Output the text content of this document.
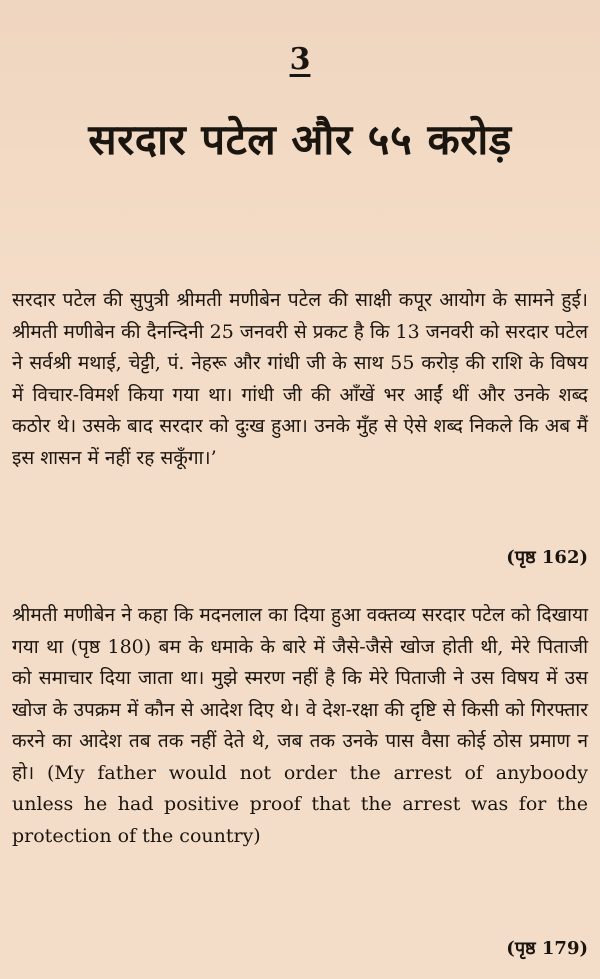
3
सरदार पटेल और ५५ करोड़

सरदार पटेल की सुपुत्री श्रीमती मणीबेन पटेल की साक्षी कपूर आयोग के सामने हुई। श्रीमती मणीबेन की दैनन्दिनी 25 जनवरी से प्रकट है कि 13 जनवरी को सरदार पटेल ने सर्वश्री मथाई, चेट्टी, पं. नेहरू और गांधी जी के साथ 55 करोड़ की राशि के विषय में विचार-विमर्श किया गया था। गांधी जी की आँखें भर आईं थीं और उनके शब्द कठोर थे। उसके बाद सरदार को दुःख हुआ। उनके मुँह से ऐसे शब्द निकले कि अब मैं इस शासन में नहीं रह सकूँगा।’

(पृष्ठ 162)

श्रीमती मणीबेन ने कहा कि मदनलाल का दिया हुआ वक्तव्य सरदार पटेल को दिखाया गया था (पृष्ठ 180) बम के धमाके के बारे में जैसे-जैसे खोज होती थी, मेरे पिताजी को समाचार दिया जाता था। मुझे स्मरण नहीं है कि मेरे पिताजी ने उस विषय में उस खोज के उपक्रम में कौन से आदेश दिए थे। वे देश-रक्षा की दृष्टि से किसी को गिरफ्तार करने का आदेश तब तक नहीं देते थे, जब तक उनके पास वैसा कोई ठोस प्रमाण न हो। (My father would not order the arrest of anyboody unless he had positive proof that the arrest was for the protection of the country)

(पृष्ठ 179)
